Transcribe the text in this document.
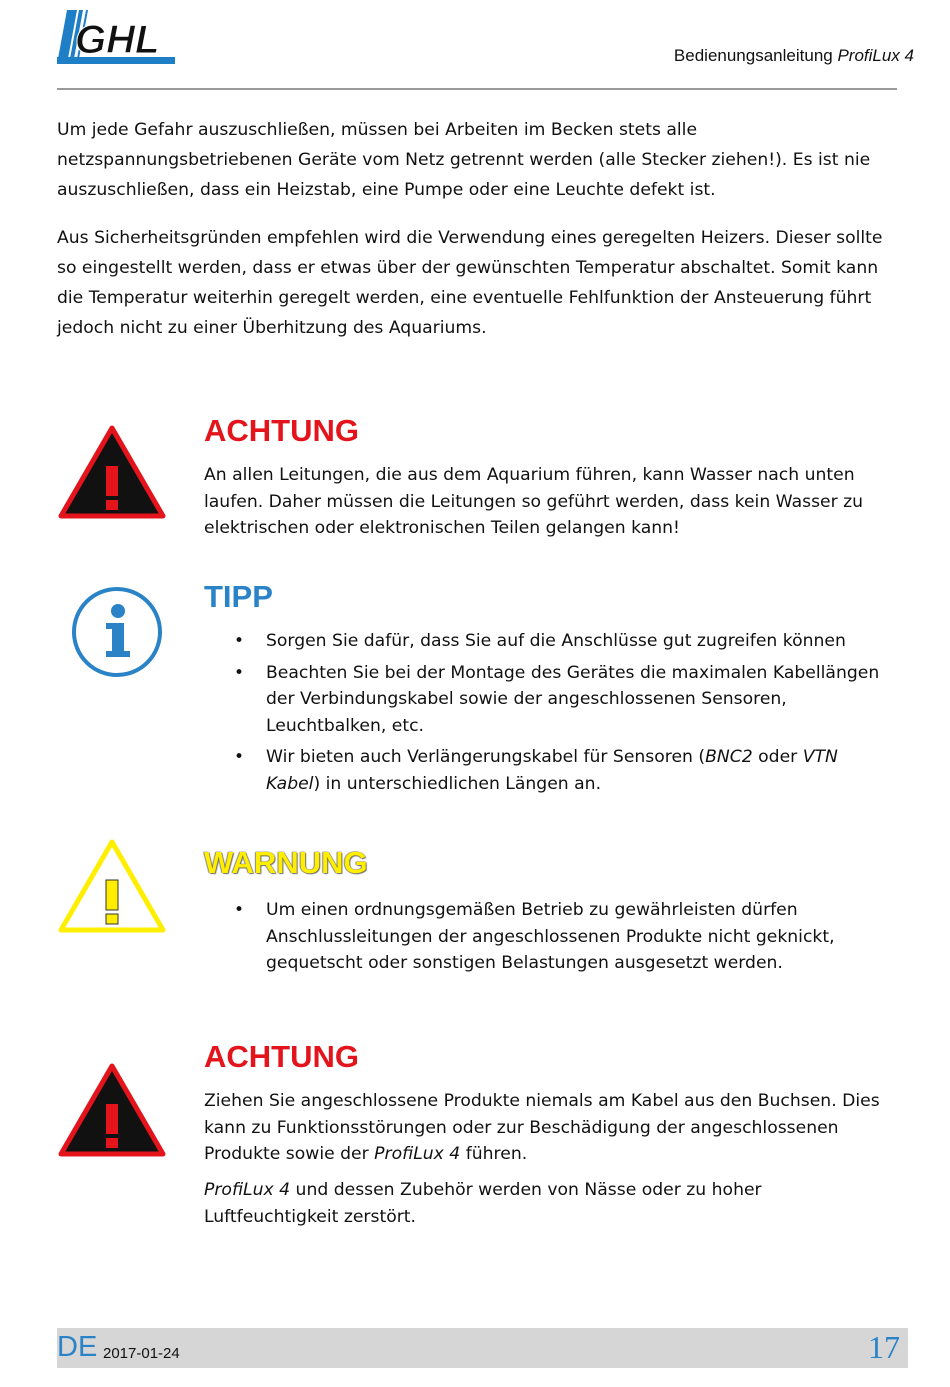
GHL	Bedienungsanleitung ProfiLux 4
Um jede Gefahr auszuschließen, müssen bei Arbeiten im Becken stets alle netzspannungsbetriebenen Geräte vom Netz getrennt werden (alle Stecker ziehen!). Es ist nie auszuschließen, dass ein Heizstab, eine Pumpe oder eine Leuchte defekt ist.
Aus Sicherheitsgründen empfehlen wird die Verwendung eines geregelten Heizers. Dieser sollte so eingestellt werden, dass er etwas über der gewünschten Temperatur abschaltet. Somit kann die Temperatur weiterhin geregelt werden, eine eventuelle Fehlfunktion der Ansteuerung führt jedoch nicht zu einer Überhitzung des Aquariums.
ACHTUNG
An allen Leitungen, die aus dem Aquarium führen, kann Wasser nach unten laufen. Daher müssen die Leitungen so geführt werden, dass kein Wasser zu elektrischen oder elektronischen Teilen gelangen kann!
TIPP
• Sorgen Sie dafür, dass Sie auf die Anschlüsse gut zugreifen können
• Beachten Sie bei der Montage des Gerätes die maximalen Kabellängen der Verbindungskabel sowie der angeschlossenen Sensoren, Leuchtbalken, etc.
• Wir bieten auch Verlängerungskabel für Sensoren (BNC2 oder VTN Kabel) in unterschiedlichen Längen an.
WARNUNG
• Um einen ordnungsgemäßen Betrieb zu gewährleisten dürfen Anschlussleitungen der angeschlossenen Produkte nicht geknickt, gequetscht oder sonstigen Belastungen ausgesetzt werden.
ACHTUNG
Ziehen Sie angeschlossene Produkte niemals am Kabel aus den Buchsen. Dies kann zu Funktionsstörungen oder zur Beschädigung der angeschlossenen Produkte sowie der ProfiLux 4 führen.
ProfiLux 4 und dessen Zubehör werden von Nässe oder zu hoher Luftfeuchtigkeit zerstört.
DE 2017-01-24	17
